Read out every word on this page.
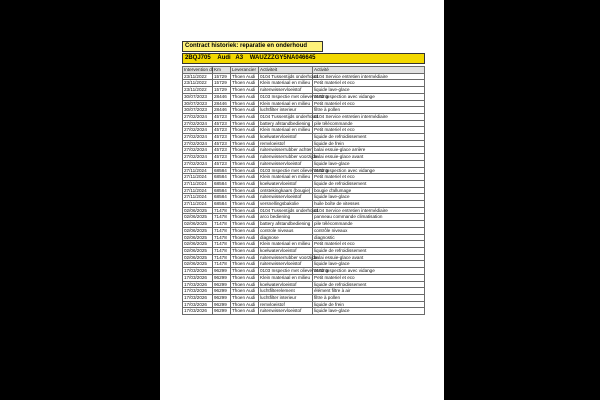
Contract historiek: reparatie en onderhoud
2BQJ705 Audi A3 WAUZZZGY5NA046645
Intervention dt	Km	Leverancier	Activiteit	Activité
23/11/2022	15729	Thoen Audi	0104 Tussentijds onderhoud	0104 Service entretien intermédiaire
23/11/2022	15729	Thoen Audi	Klein materiaal en milieu	Petit materiel et eco
23/11/2022	15729	Thoen Audi	ruitenwisservloeistof	liquide lave-glace
30/07/2023	28446	Thoen Audi	0103 Inspectie met olieverversing	0103 Inspection avec vidange
30/07/2023	28446	Thoen Audi	Klein materiaal en milieu	Petit materiel et eco
30/07/2023	28446	Thoen Audi	luchtfilter interieur	filtre à pollen
27/02/2024	45723	Thoen Audi	0104 Tussentijds onderhoud	0104 Service entretien intermédiaire
27/02/2024	45723	Thoen Audi	battery afstandbediening	pile télécommande
27/02/2024	45723	Thoen Audi	Klein materiaal en milieu	Petit materiel et eco
27/02/2024	45723	Thoen Audi	koelwatervloeistof	liquide de refroidissement
27/02/2024	45723	Thoen Audi	remvloeistof	liquide de frein
27/02/2024	45723	Thoen Audi	ruitenwisserrubber achter	balai essuie-glace arrière
27/02/2024	45723	Thoen Audi	ruitenwisserrubber voorzijde	balai essuie-glace avant
27/02/2024	45723	Thoen Audi	ruitenwisservloeistof	liquide lave-glace
27/11/2024	68584	Thoen Audi	0103 Inspectie met olieverversing	0103 Inspection avec vidange
27/11/2024	68584	Thoen Audi	Klein materiaal en milieu	Petit materiel et eco
27/11/2024	68584	Thoen Audi	koelwatervloeistof	liquide de refroidissement
27/11/2024	68584	Thoen Audi	ontstekingkaars (bougie)	bougie d'allumage
27/11/2024	68584	Thoen Audi	ruitenwisservloeistof	liquide lave-glace
27/11/2024	68584	Thoen Audi	versnellingsbakolie	huile boîte de vitesses
02/06/2025	71478	Thoen Audi	0104 Tussentijds onderhoud	0104 Service entretien intermédiaire
02/06/2025	71478	Thoen Audi	arco bediening	panneau commande climatisation
02/06/2025	71478	Thoen Audi	battery afstandbediening	pile télécommande
02/06/2025	71478	Thoen Audi	controle niveaus	contrôle niveaux
02/06/2025	71478	Thoen Audi	diagnose	diagnostic
02/06/2025	71478	Thoen Audi	Klein materiaal en milieu	Petit materiel et eco
02/06/2025	71478	Thoen Audi	koelwatervloeistof	liquide de refroidissement
02/06/2025	71478	Thoen Audi	ruitenwisserrubber voorzijde	balai essuie-glace avant
02/06/2025	71478	Thoen Audi	ruitenwisservloeistof	liquide lave-glace
17/03/2026	96299	Thoen Audi	0103 Inspectie met olieverversing	0103 Inspection avec vidange
17/03/2026	96299	Thoen Audi	Klein materiaal en milieu	Petit materiel et eco
17/03/2026	96299	Thoen Audi	koelwatervloeistof	liquide de refroidissement
17/03/2026	96299	Thoen Audi	luchtfilterelement	élément filtre à air
17/03/2026	96299	Thoen Audi	luchtfilter interieur	filtre à pollen
17/03/2026	96299	Thoen Audi	remvloeistof	liquide de frein
17/03/2026	96299	Thoen Audi	ruitenwisservloeistof	liquide lave-glace
